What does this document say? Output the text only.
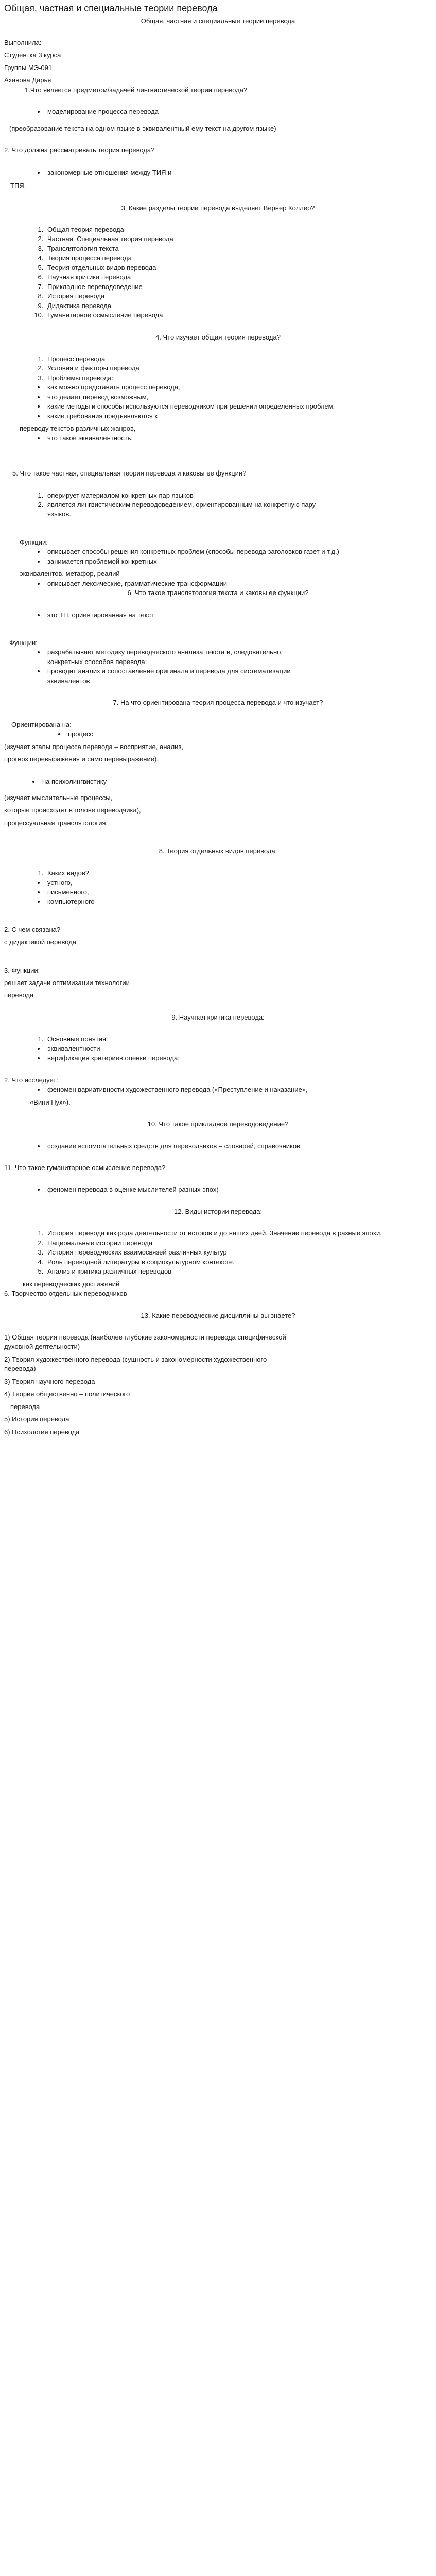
Общая, частная и специальные теории перевода

Общая, частная и специальные теории перевода

Выполнила:

Студентка 3 курса

Группы МЭ-091

Аханова Дарья

1.Что является предметом/задачей лингвистической теории перевода?

• моделирование процесса перевода

(преобразование текста на одном языке в эквивалентный ему текст на другом языке)

2. Что должна рассматривать теория перевода?

• закономерные отношения между ТИЯ и

ТПЯ.

3. Какие разделы теории перевода выделяет Вернер Коллер?

1. Общая теория перевода
2. Частная. Специальная теория перевода
3. Транслятология текста
4. Теория процесса перевода
5. Теория отдельных видов перевода
6. Научная критика перевода
7. Прикладное переводоведение
8. История перевода
9. Дидактика перевода
10. Гуманитарное осмысление перевода

4. Что изучает общая теория перевода?

1. Процесс перевода
2. Условия и факторы перевода
3. Проблемы перевода:
• как можно представить процесс перевода,
• что делает перевод возможным,
• какие методы и способы используются переводчиком при решении определенных проблем,
• какие требования предъявляются к

переводу текстов различных жанров,

• что такое эквивалентность.

5. Что такое частная, специальная теория перевода и каковы ее функции?

1. оперирует материалом конкретных пар языков
2. является лингвистическим переводоведением, ориентированным на конкретную пару языков.

Функции:

• описывает способы решения конкретных проблем (способы перевода заголовков газет и т.д.)
• занимается проблемой конкретных

эквивалентов, метафор, реалий

• описывает лексические, грамматические трансформации

6. Что такое транслятология текста и каковы ее функции?

• это ТП, ориентированная на текст

Функции:

• разрабатывает методику переводческого анализа текста и, следовательно, конкретных способов перевода;
• проводит анализ и сопоставление оригинала и перевода для систематизации эквивалентов.

7. На что ориентирована теория процесса перевода и что изучает?

Ориентирована на:

• процесс

(изучает этапы процесса перевода – восприятие, анализ,

прогноз перевыражения и само перевыражение),

• на психолингвистику

(изучает мыслительные процессы,

которые происходят в голове переводчика),

процессуальная транслятология,

8. Теория отдельных видов перевода:

1. Каких видов?
• устного,
• письменного,
• компьютерного

2. С чем связана?

с дидактикой перевода

3. Функции:

решает задачи оптимизации технологии

перевода

9. Научная критика перевода:

1. Основные понятия:
• эквивалентности
• верификация критериев оценки перевода;

2. Что исследует:

• феномен вариативности художественного перевода («Преступление и наказание»,

«Вини Пух»).

10. Что такое прикладное переводоведение?

• создание вспомогательных средств для переводчиков – словарей, справочников

11. Что такое гуманитарное осмысление перевода?

• феномен перевода в оценке мыслителей разных эпох)

12. Виды истории перевода:

1. История перевода как рода деятельности от истоков и до наших дней. Значение перевода в разные эпохи.
2. Национальные истории перевода
3. История переводческих взаимосвязей различных культур
4. Роль переводной литературы в социокультурном контексте.
5. Анализ и критика различных переводов

как переводческих достижений

6. Творчество отдельных переводчиков

13. Какие переводческие дисциплины вы знаете?

1) Общая теория перевода (наиболее глубокие закономерности перевода специфической духовной деятельности)

2) Теория художественного перевода (сущность и закономерности художественного перевода)

3) Теория научного перевода

4) Теория общественно – политического

перевода

5) История перевода

6) Психология перевода
